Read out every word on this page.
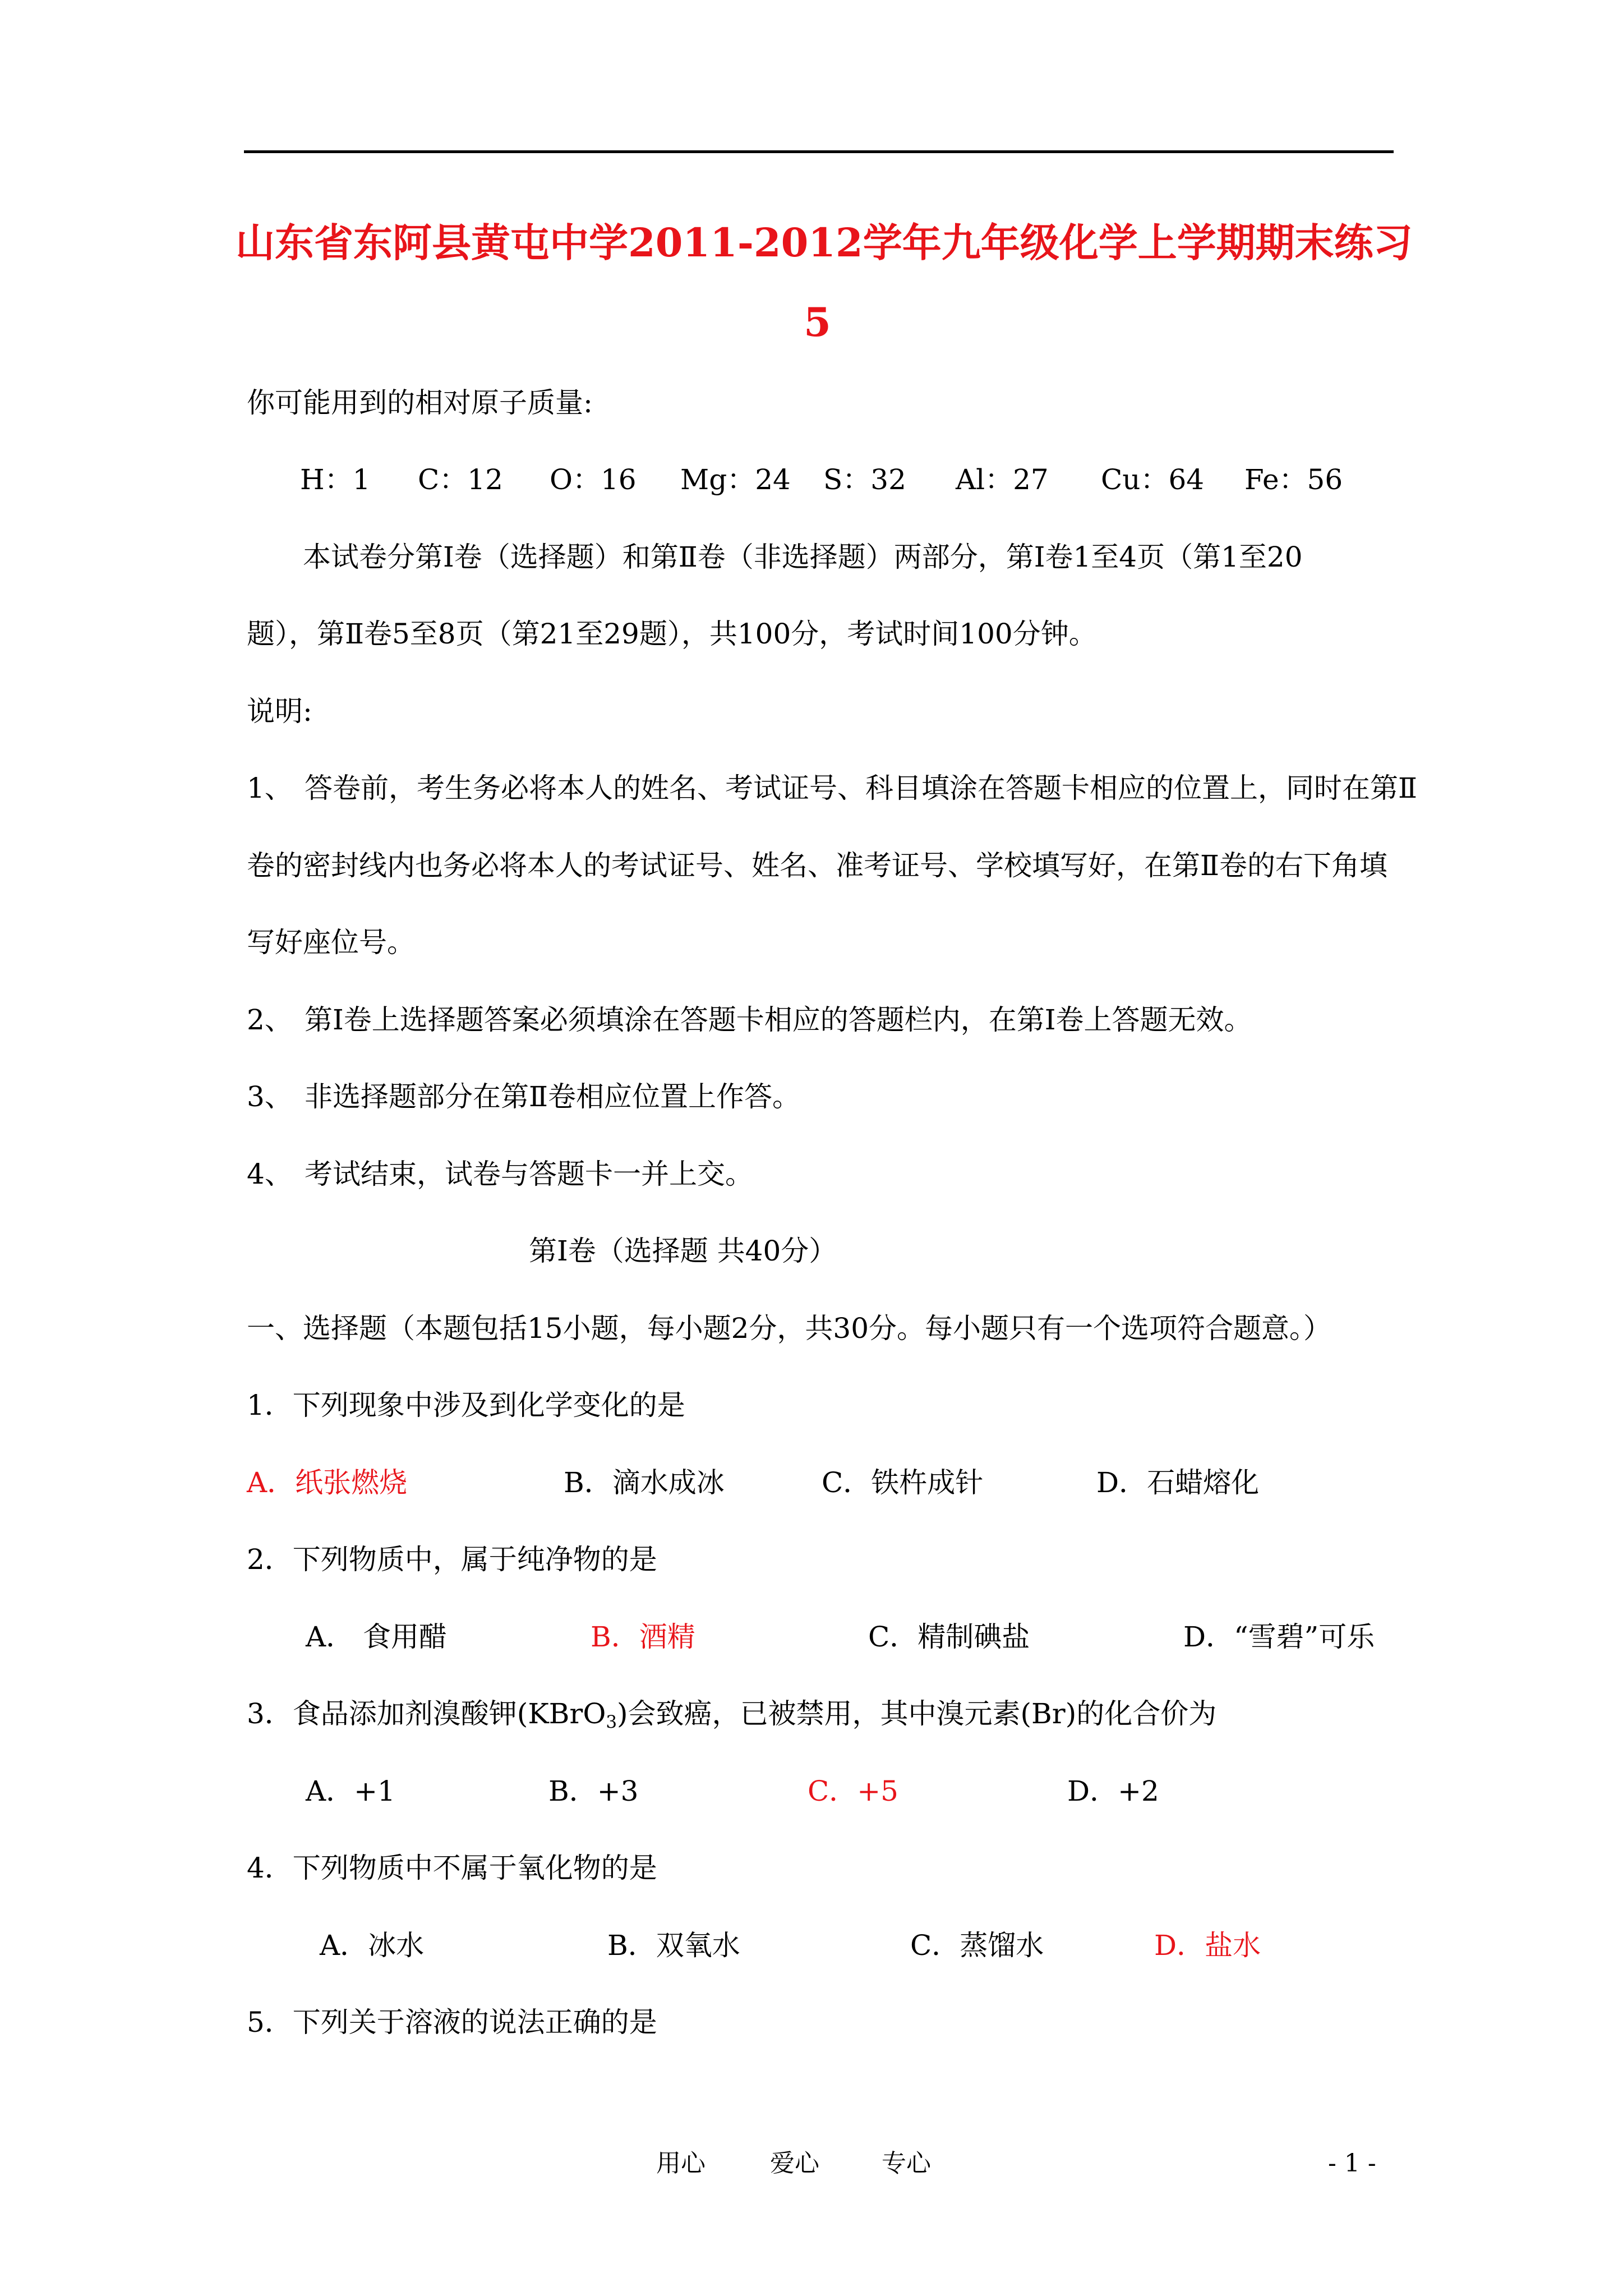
山东省东阿县黄屯中学2011-2012学年九年级化学上学期期末练习
5
你可能用到的相对原子质量:
H：1 C：12 O：16 Mg：24 S：32 Al：27 Cu：64 Fe：56
本试卷分第Ⅰ卷（选择题）和第Ⅱ卷（非选择题）两部分，第Ⅰ卷1至4页（第1至20
题），第Ⅱ卷5至8页（第21至29题），共100分，考试时间100分钟。
说明:
1、 答卷前，考生务必将本人的姓名、考试证号、科目填涂在答题卡相应的位置上，同时在第Ⅱ
卷的密封线内也务必将本人的考试证号、姓名、准考证号、学校填写好，在第Ⅱ卷的右下角填
写好座位号。
2、 第Ⅰ卷上选择题答案必须填涂在答题卡相应的答题栏内，在第Ⅰ卷上答题无效。
3、 非选择题部分在第Ⅱ卷相应位置上作答。
4、 考试结束，试卷与答题卡一并上交。
第Ⅰ卷（选择题 共40分）
一、选择题（本题包括15小题，每小题2分，共30分。每小题只有一个选项符合题意。）
1．下列现象中涉及到化学变化的是
A．纸张燃烧	B．滴水成冰	C．铁杵成针	D．石蜡熔化
2．下列物质中，属于纯净物的是
A． 食用醋	B．酒精	C．精制碘盐	D．“雪碧”可乐
3．食品添加剂溴酸钾(KBrO$_3$)会致癌，已被禁用，其中溴元素(Br)的化合价为
A．+1	B．+3	C．+5	D．+2
4．下列物质中不属于氧化物的是
A．冰水	B．双氧水	C．蒸馏水	D．盐水
5．下列关于溶液的说法正确的是
用心	爱心	专心	- 1 -
